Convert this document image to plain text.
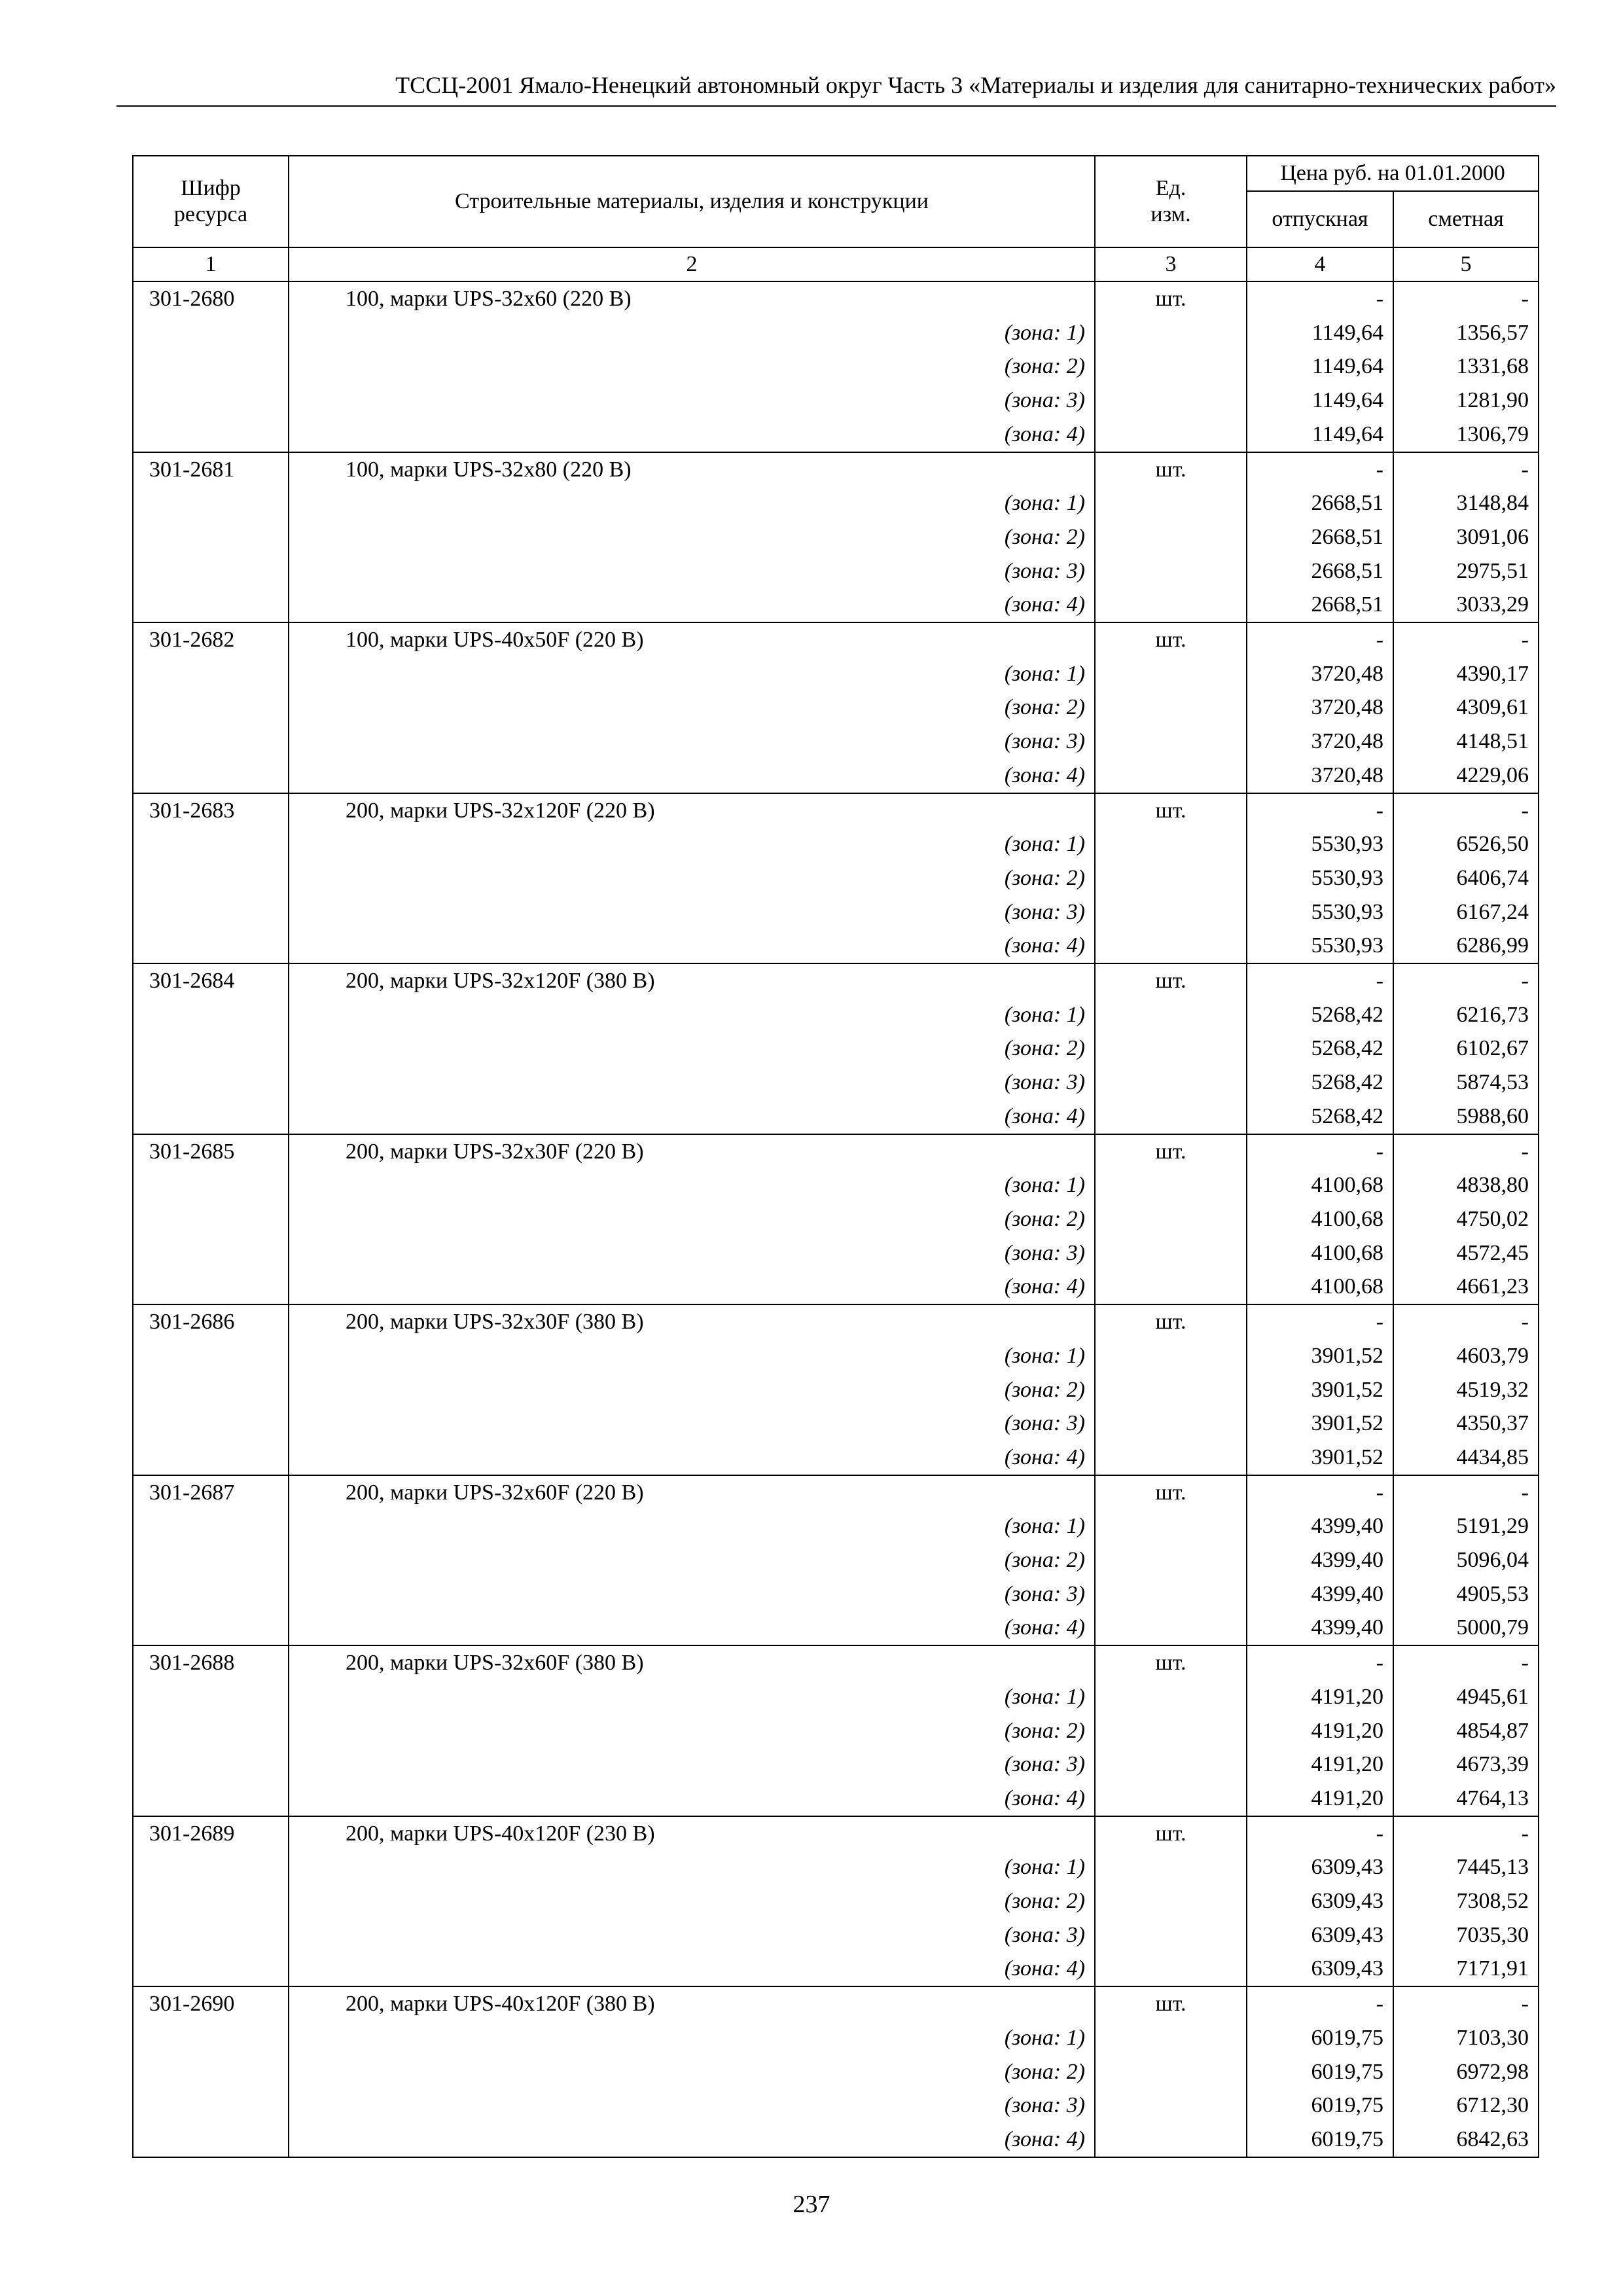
ТССЦ-2001 Ямало-Ненецкий автономный округ Часть 3 «Материалы и изделия для санитарно-технических работ»
Шифр ресурса	Строительные материалы, изделия и конструкции	Ед. изм.	Цена руб. на 01.01.2000	
			отпускная	сметная
1	2	3	4	5
301-2680	100, марки UPS-32x60 (220 В)	шт.	-	-
	(зона: 1)		1149,64	1356,57
	(зона: 2)		1149,64	1331,68
	(зона: 3)		1149,64	1281,90
	(зона: 4)		1149,64	1306,79
301-2681	100, марки UPS-32x80 (220 В)	шт.	-	-
	(зона: 1)		2668,51	3148,84
	(зона: 2)		2668,51	3091,06
	(зона: 3)		2668,51	2975,51
	(зона: 4)		2668,51	3033,29
301-2682	100, марки UPS-40x50F (220 В)	шт.	-	-
	(зона: 1)		3720,48	4390,17
	(зона: 2)		3720,48	4309,61
	(зона: 3)		3720,48	4148,51
	(зона: 4)		3720,48	4229,06
301-2683	200, марки UPS-32x120F (220 В)	шт.	-	-
	(зона: 1)		5530,93	6526,50
	(зона: 2)		5530,93	6406,74
	(зона: 3)		5530,93	6167,24
	(зона: 4)		5530,93	6286,99
301-2684	200, марки UPS-32x120F (380 В)	шт.	-	-
	(зона: 1)		5268,42	6216,73
	(зона: 2)		5268,42	6102,67
	(зона: 3)		5268,42	5874,53
	(зона: 4)		5268,42	5988,60
301-2685	200, марки UPS-32x30F (220 В)	шт.	-	-
	(зона: 1)		4100,68	4838,80
	(зона: 2)		4100,68	4750,02
	(зона: 3)		4100,68	4572,45
	(зона: 4)		4100,68	4661,23
301-2686	200, марки UPS-32x30F (380 В)	шт.	-	-
	(зона: 1)		3901,52	4603,79
	(зона: 2)		3901,52	4519,32
	(зона: 3)		3901,52	4350,37
	(зона: 4)		3901,52	4434,85
301-2687	200, марки UPS-32x60F (220 В)	шт.	-	-
	(зона: 1)		4399,40	5191,29
	(зона: 2)		4399,40	5096,04
	(зона: 3)		4399,40	4905,53
	(зона: 4)		4399,40	5000,79
301-2688	200, марки UPS-32x60F (380 В)	шт.	-	-
	(зона: 1)		4191,20	4945,61
	(зона: 2)		4191,20	4854,87
	(зона: 3)		4191,20	4673,39
	(зона: 4)		4191,20	4764,13
301-2689	200, марки UPS-40x120F (230 В)	шт.	-	-
	(зона: 1)		6309,43	7445,13
	(зона: 2)		6309,43	7308,52
	(зона: 3)		6309,43	7035,30
	(зона: 4)		6309,43	7171,91
301-2690	200, марки UPS-40x120F (380 В)	шт.	-	-
	(зона: 1)		6019,75	7103,30
	(зона: 2)		6019,75	6972,98
	(зона: 3)		6019,75	6712,30
	(зона: 4)		6019,75	6842,63
237
